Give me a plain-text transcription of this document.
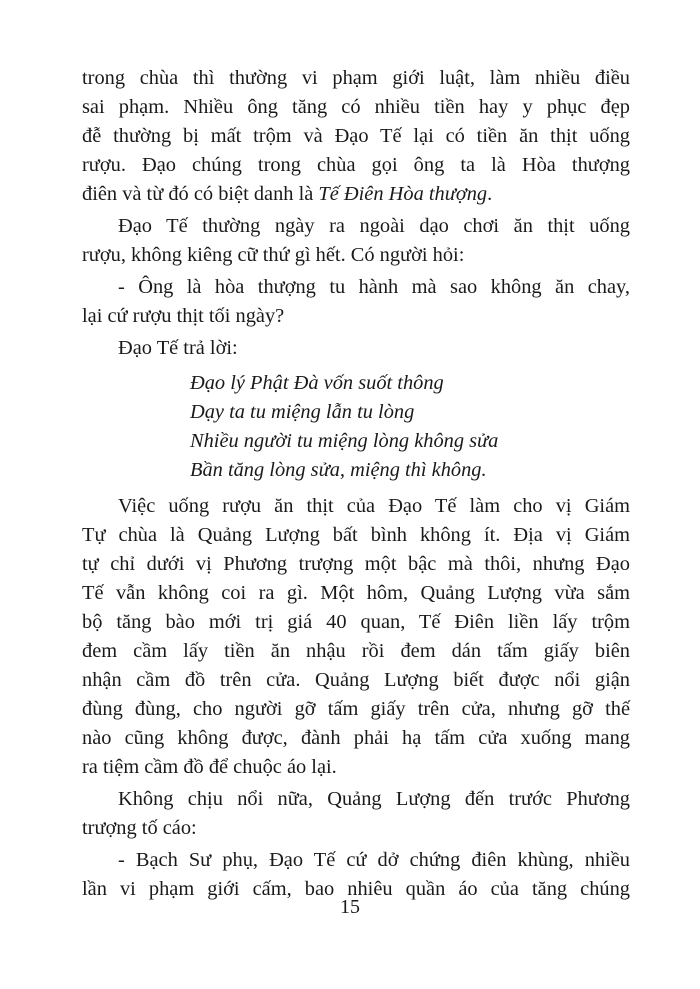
trong chùa thì thường vi phạm giới luật, làm nhiều điều
sai phạm. Nhiều ông tăng có nhiều tiền hay y phục đẹp
đễ thường bị mất trộm và Đạo Tế lại có tiền ăn thịt uống
rượu. Đạo chúng trong chùa gọi ông ta là Hòa thượng
điên và từ đó có biệt danh là Tế Điên Hòa thượng.
Đạo Tế thường ngày ra ngoài dạo chơi ăn thịt uống
rượu, không kiêng cữ thứ gì hết. Có người hỏi:
- Ông là hòa thượng tu hành mà sao không ăn chay,
lại cứ rượu thịt tối ngày?
Đạo Tế trả lời:
Đạo lý Phật Đà vốn suốt thông
Dạy ta tu miệng lẫn tu lòng
Nhiều người tu miệng lòng không sửa
Bần tăng lòng sửa, miệng thì không.
Việc uống rượu ăn thịt của Đạo Tế làm cho vị Giám
Tự chùa là Quảng Lượng bất bình không ít. Địa vị Giám
tự chỉ dưới vị Phương trượng một bậc mà thôi, nhưng Đạo
Tế vẫn không coi ra gì. Một hôm, Quảng Lượng vừa sắm
bộ tăng bào mới trị giá 40 quan, Tế Điên liền lấy trộm
đem cầm lấy tiền ăn nhậu rồi đem dán tấm giấy biên
nhận cầm đồ trên cửa. Quảng Lượng biết được nổi giận
đùng đùng, cho người gỡ tấm giấy trên cửa, nhưng gỡ thế
nào cũng không được, đành phải hạ tấm cửa xuống mang
ra tiệm cầm đồ để chuộc áo lại.
Không chịu nổi nữa, Quảng Lượng đến trước Phương
trượng tố cáo:
- Bạch Sư phụ, Đạo Tế cứ dở chứng điên khùng, nhiều
lần vi phạm giới cấm, bao nhiêu quần áo của tăng chúng
15
